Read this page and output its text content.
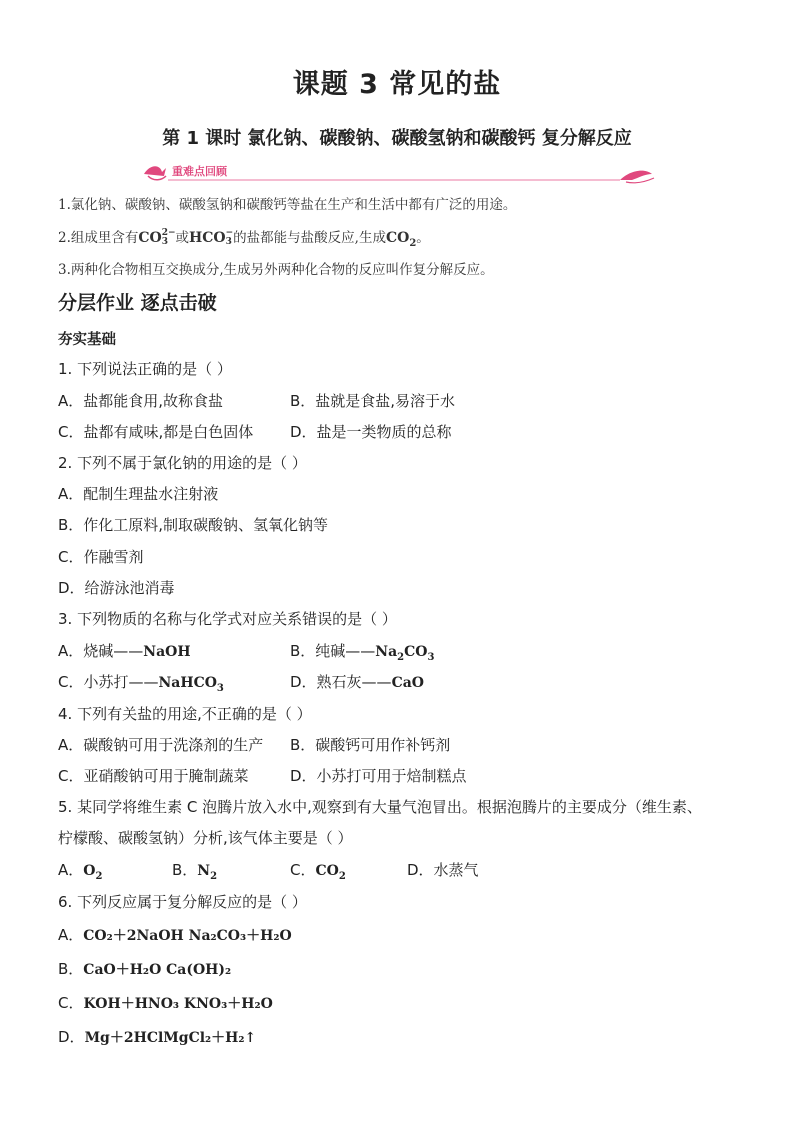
课题 3 常见的盐
第 1 课时 氯化钠、碳酸钠、碳酸氢钠和碳酸钙 复分解反应
重难点回顾
1.氯化钠、碳酸钠、碳酸氢钠和碳酸钙等盐在生产和生活中都有广泛的用途。
2.组成里含有CO 2−
3 或HCO −
3 的盐都能与盐酸反应,生成$CO_2$。
3.两种化合物相互交换成分,生成另外两种化合物的反应叫作复分解反应。
分层作业 逐点击破
夯实基础
1. 下列说法正确的是（ ）
A．盐都能食用,故称食盐	B．盐就是食盐,易溶于水
C．盐都有咸味,都是白色固体 D．盐是一类物质的总称
2. 下列不属于氯化钠的用途的是（ ）
A．配制生理盐水注射液
B．作化工原料,制取碳酸钠、氢氧化钠等
C．作融雪剂
D．给游泳池消毒
3. 下列物质的名称与化学式对应关系错误的是（ ）
A．烧碱——NaOH	B．纯碱$——Na_2CO_3$
C．小苏打——NaHCO$_3$	D．熟石灰——CaO
4. 下列有关盐的用途,不正确的是（ ）
A．碳酸钠可用于洗涤剂的生产 B．碳酸钙可用作补钙剂
C．亚硝酸钠可用于腌制蔬菜	D．小苏打可用于焙制糕点
5. 某同学将维生素 C 泡腾片放入水中,观察到有大量气泡冒出。根据泡腾片的主要成分（维生素、
柠檬酸、碳酸氢钠）分析,该气体主要是（ ）
A．$O_2$	B．$N_2$	C．$CO_2$	D．水蒸气
6. 下列反应属于复分解反应的是（ ）
A．CO₂＋2NaOH Na₂CO₃＋H₂O
B．CaO＋H₂O Ca(OH)₂
C．KOH＋HNO₃ KNO₃＋H₂O
D．Mg＋2HClMgCl₂＋H₂↑
